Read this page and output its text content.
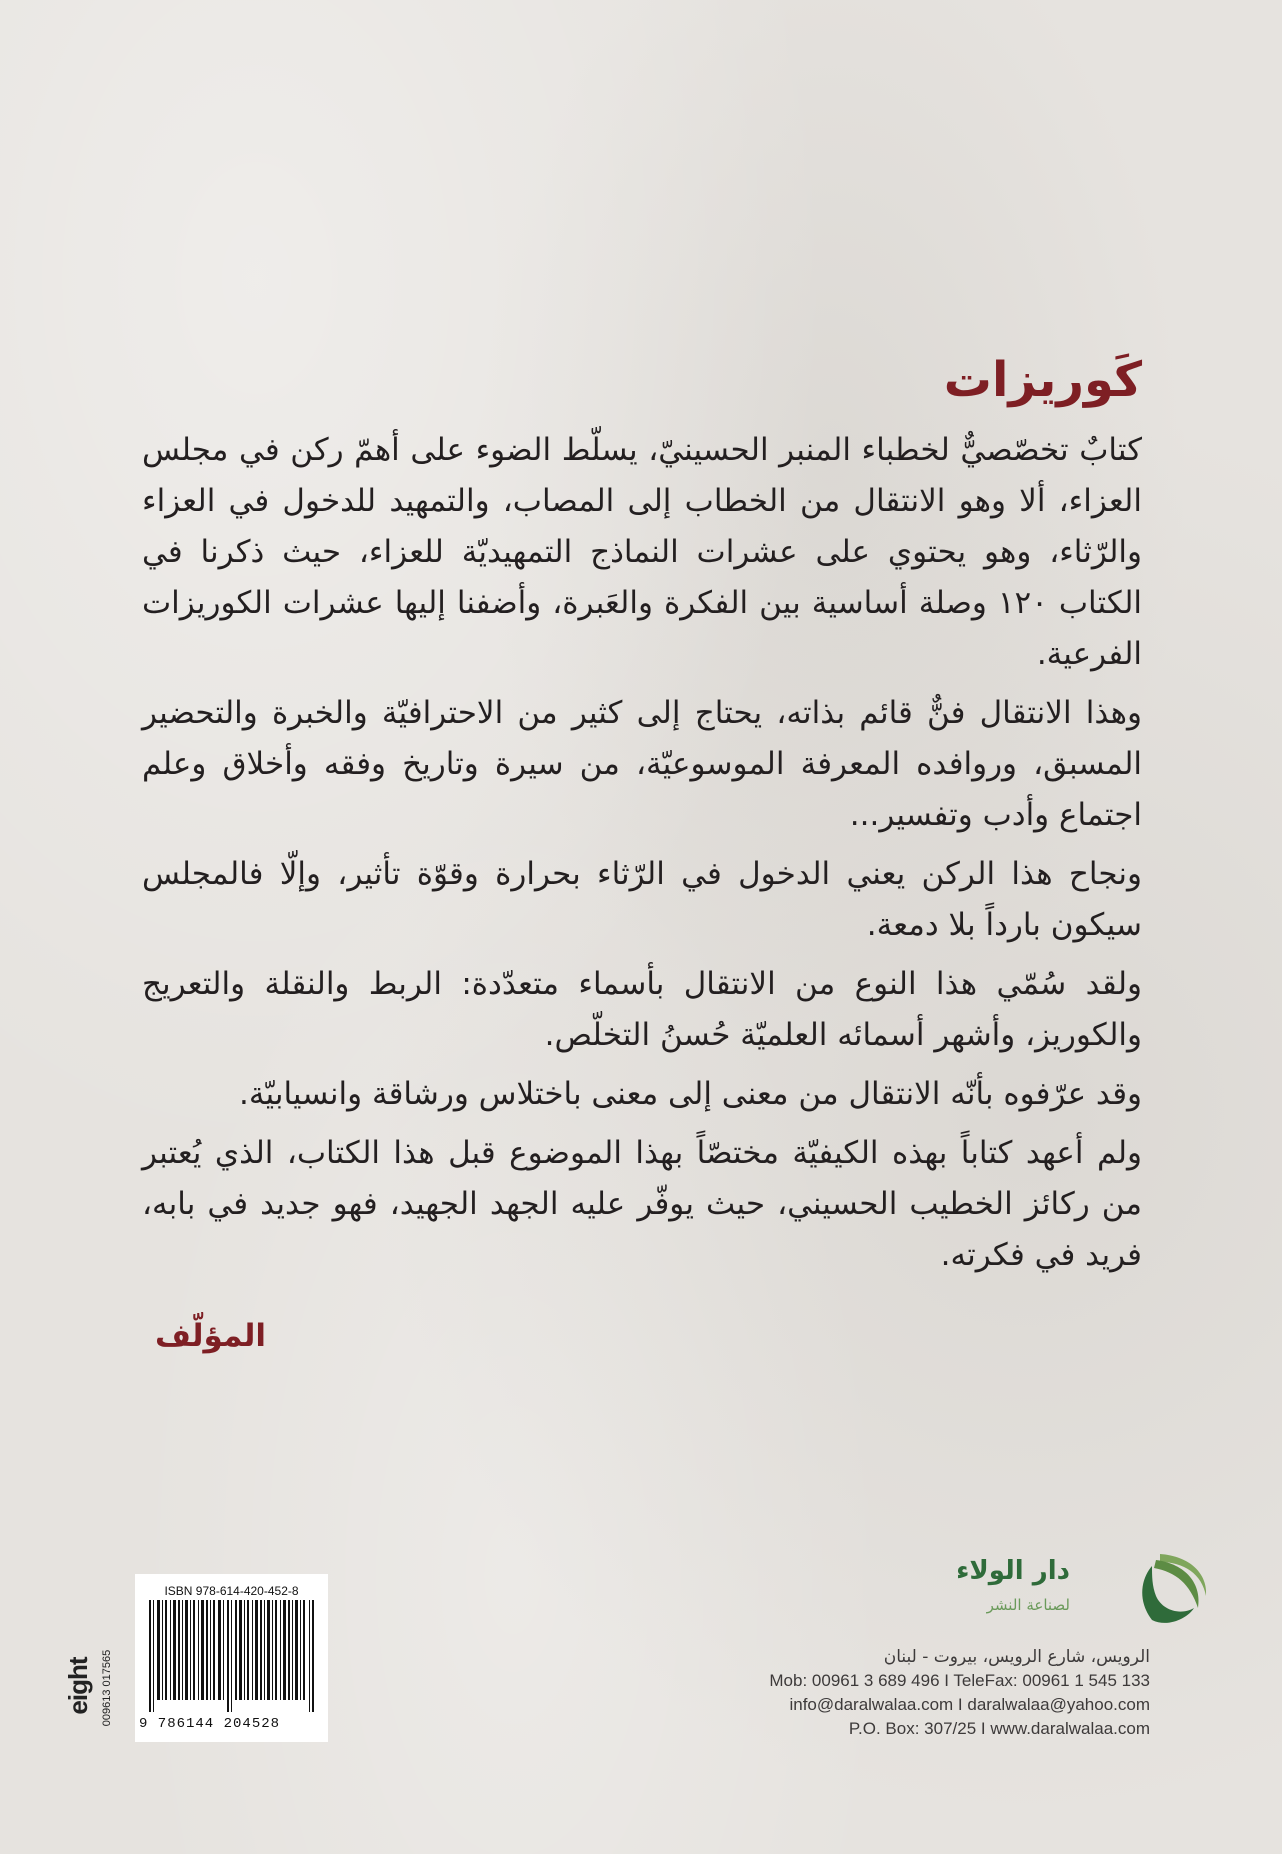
كَوريزات

كتابٌ تخصّصيٌّ لخطباء المنبر الحسينيّ، يسلّط الضوء على أهمّ ركن في مجلس العزاء، ألا وهو الانتقال من الخطاب إلى المصاب، والتمهيد للدخول في العزاء والرّثاء، وهو يحتوي على عشرات النماذج التمهيديّة للعزاء، حيث ذكرنا في الكتاب ١٢٠ وصلة أساسية بين الفكرة والعَبرة، وأضفنا إليها عشرات الكوريزات الفرعية.

وهذا الانتقال فنٌّ قائم بذاته، يحتاج إلى كثير من الاحترافيّة والخبرة والتحضير المسبق، وروافده المعرفة الموسوعيّة، من سيرة وتاريخ وفقه وأخلاق وعلم اجتماع وأدب وتفسير...

ونجاح هذا الركن يعني الدخول في الرّثاء بحرارة وقوّة تأثير، وإلّا فالمجلس سيكون بارداً بلا دمعة.

ولقد سُمّي هذا النوع من الانتقال بأسماء متعدّدة: الربط والنقلة والتعريج والكوريز، وأشهر أسمائه العلميّة حُسنُ التخلّص.

وقد عرّفوه بأنّه الانتقال من معنى إلى معنى باختلاس ورشاقة وانسيابيّة.

ولم أعهد كتاباً بهذه الكيفيّة مختصّاً بهذا الموضوع قبل هذا الكتاب، الذي يُعتبر من ركائز الخطيب الحسيني، حيث يوفّر عليه الجهد الجهيد، فهو جديد في بابه، فريد في فكرته.

المؤلّف
دار الولاء
لصناعة النشر
الرويس، شارع الرويس، بيروت - لبنان
Mob: 00961 3 689 496 I TeleFax: 00961 1 545 133
info@daralwalaa.com I daralwalaa@yahoo.com
P.O. Box: 307/25 I www.daralwalaa.com
ISBN 978-614-420-452-8
9 786144 204528
eight 009613 017565
